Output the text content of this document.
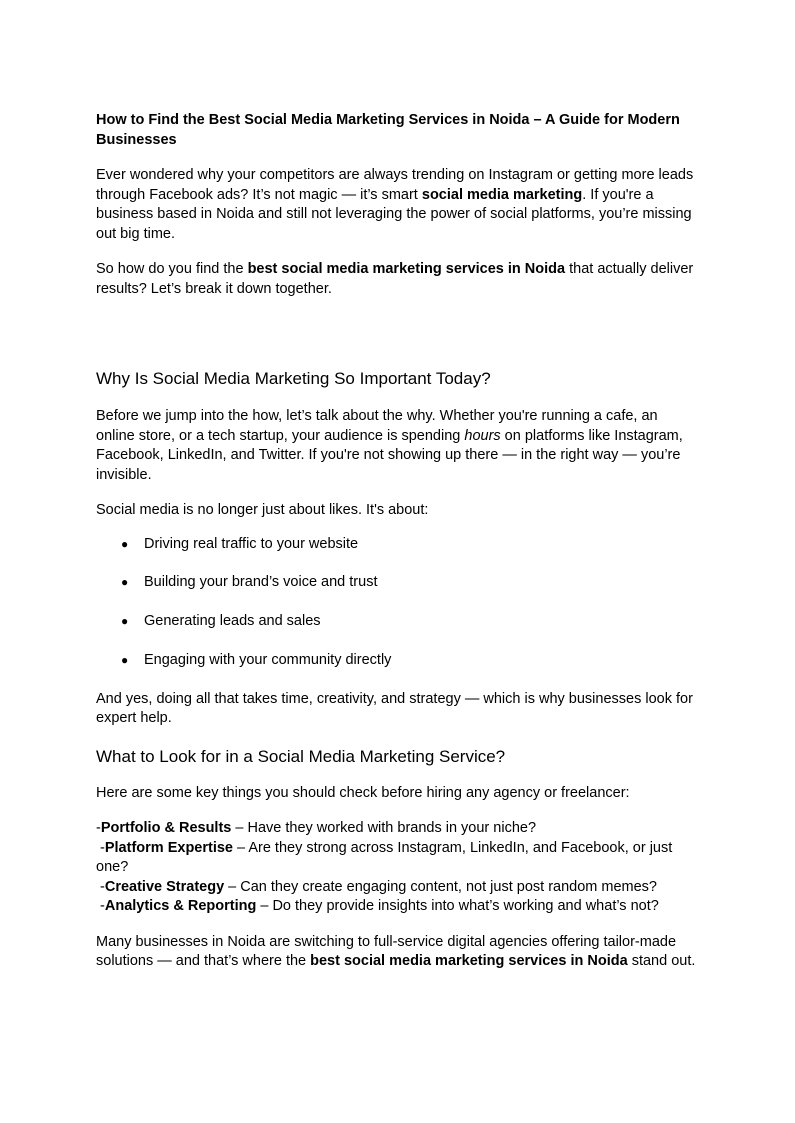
How to Find the Best Social Media Marketing Services in Noida – A Guide for Modern Businesses

Ever wondered why your competitors are always trending on Instagram or getting more leads through Facebook ads? It’s not magic — it’s smart social media marketing. If you're a business based in Noida and still not leveraging the power of social platforms, you’re missing out big time.

So how do you find the best social media marketing services in Noida that actually deliver results? Let’s break it down together.

Why Is Social Media Marketing So Important Today?

Before we jump into the how, let’s talk about the why. Whether you're running a cafe, an online store, or a tech startup, your audience is spending hours on platforms like Instagram, Facebook, LinkedIn, and Twitter. If you're not showing up there — in the right way — you’re invisible.

Social media is no longer just about likes. It's about:

● Driving real traffic to your website
● Building your brand’s voice and trust
● Generating leads and sales
● Engaging with your community directly

And yes, doing all that takes time, creativity, and strategy — which is why businesses look for expert help.

What to Look for in a Social Media Marketing Service?

Here are some key things you should check before hiring any agency or freelancer:

-Portfolio & Results – Have they worked with brands in your niche?
-Platform Expertise – Are they strong across Instagram, LinkedIn, and Facebook, or just one?
-Creative Strategy – Can they create engaging content, not just post random memes?
-Analytics & Reporting – Do they provide insights into what’s working and what’s not?

Many businesses in Noida are switching to full-service digital agencies offering tailor-made solutions — and that’s where the best social media marketing services in Noida stand out.
